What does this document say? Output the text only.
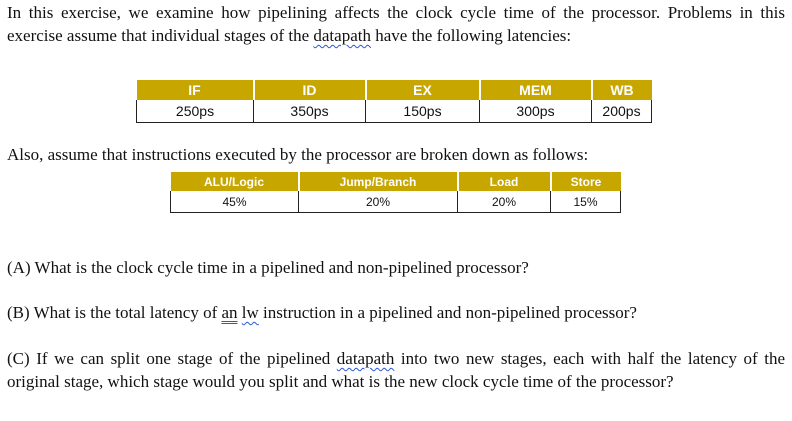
In this exercise, we examine how pipelining affects the clock cycle time of the processor. Problems in this exercise assume that individual stages of the datapath have the following latencies:

IF	ID	EX	MEM	WB
250ps	350ps	150ps	300ps	200ps

Also, assume that instructions executed by the processor are broken down as follows:

ALU/Logic	Jump/Branch	Load	Store
45%	20%	20%	15%

(A) What is the clock cycle time in a pipelined and non-pipelined processor?

(B) What is the total latency of an lw instruction in a pipelined and non-pipelined processor?

(C) If we can split one stage of the pipelined datapath into two new stages, each with half the latency of the original stage, which stage would you split and what is the new clock cycle time of the processor?
